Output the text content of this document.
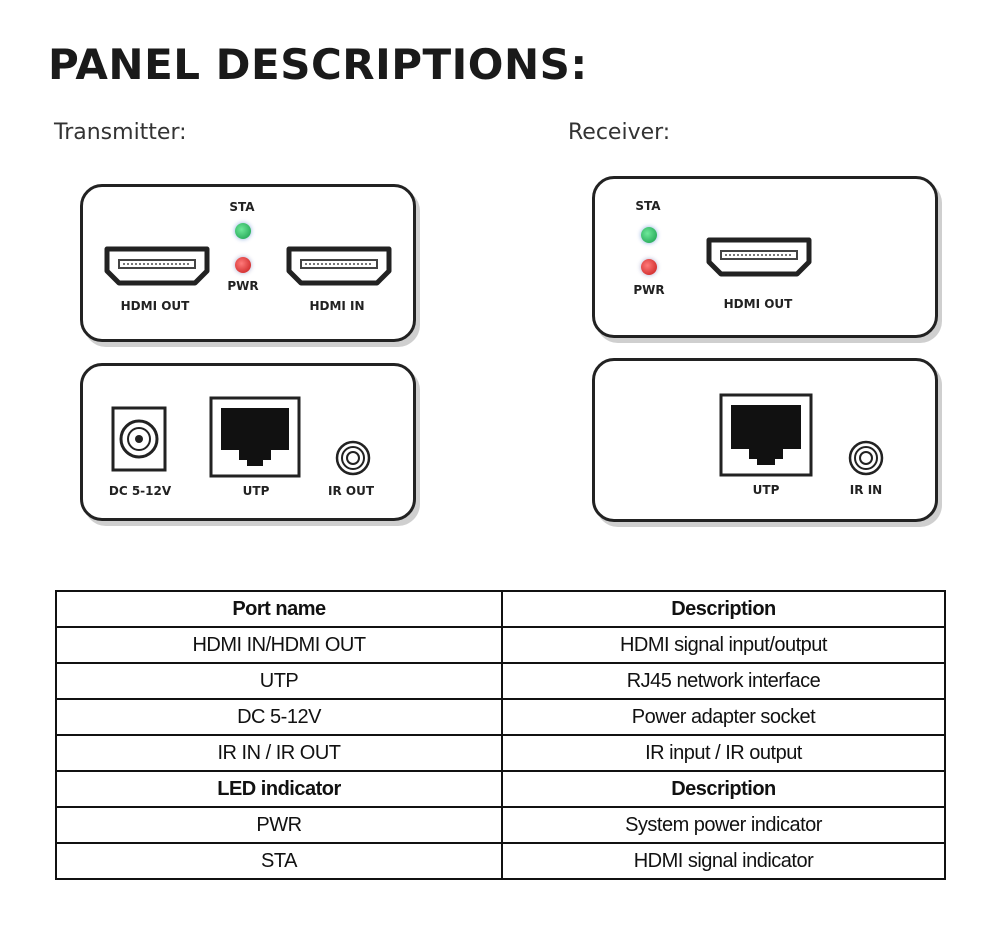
PANEL DESCRIPTIONS:
Transmitter:	Receiver:
STA
PWR
HDMI OUT	HDMI IN
DC 5-12V	UTP	IR OUT
STA
PWR
HDMI OUT
UTP	IR IN
Port name	Description
HDMI IN/HDMI OUT	HDMI signal input/output
UTP	RJ45 network interface
DC 5-12V	Power adapter socket
IR IN / IR OUT	IR input / IR output
LED indicator	Description
PWR	System power indicator
STA	HDMI signal indicator
